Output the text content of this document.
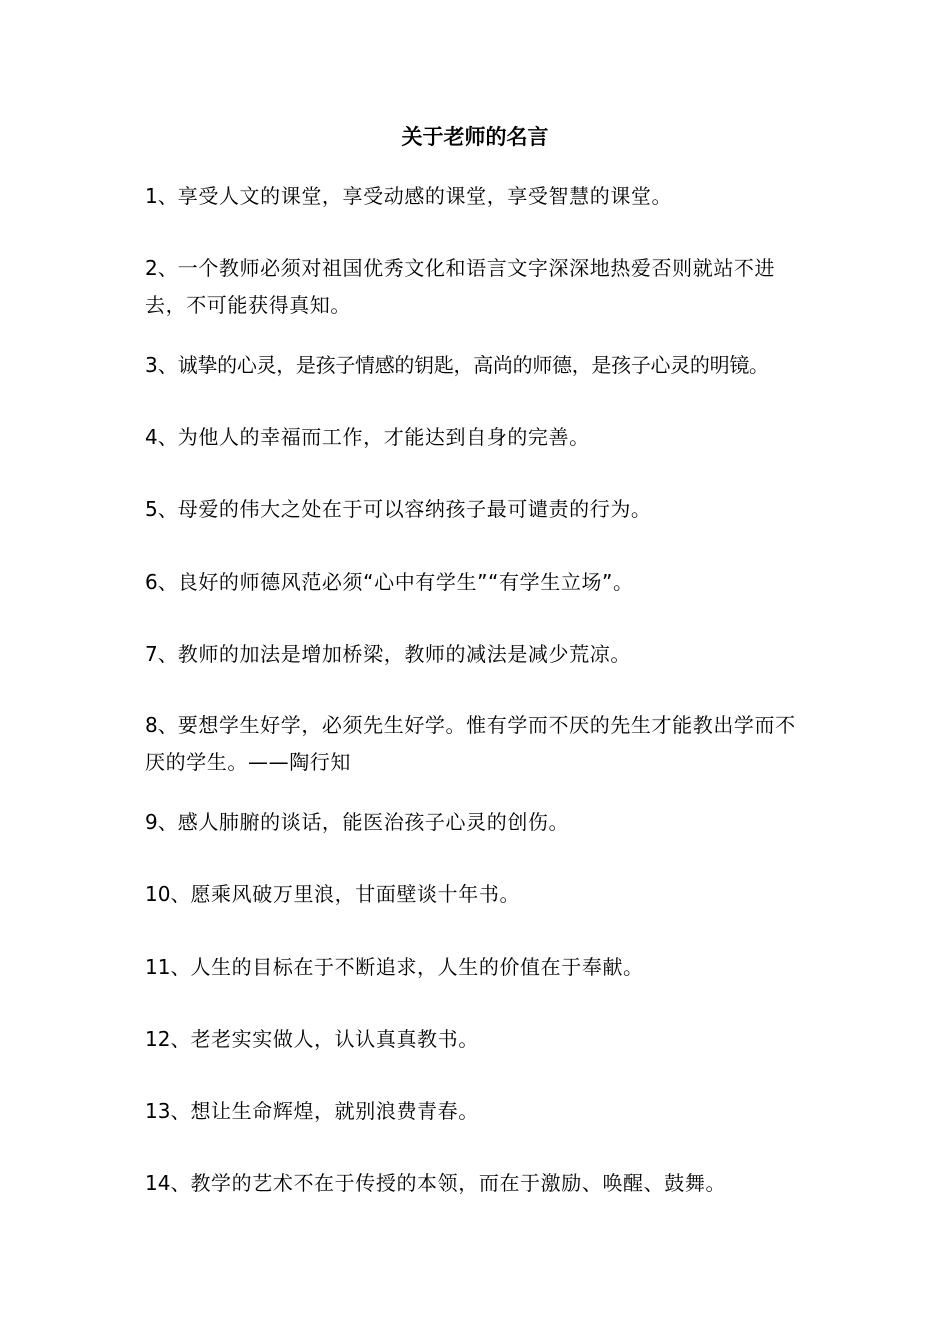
关于老师的名言
1、享受人文的课堂，享受动感的课堂，享受智慧的课堂。
2、一个教师必须对祖国优秀文化和语言文字深深地热爱否则就站不进去，不可能获得真知。
3、诚挚的心灵，是孩子情感的钥匙，高尚的师德，是孩子心灵的明镜。
4、为他人的幸福而工作，才能达到自身的完善。
5、母爱的伟大之处在于可以容纳孩子最可谴责的行为。
6、良好的师德风范必须“心中有学生”“有学生立场”。
7、教师的加法是增加桥梁，教师的减法是减少荒凉。
8、要想学生好学，必须先生好学。惟有学而不厌的先生才能教出学而不厌的学生。——陶行知
9、感人肺腑的谈话，能医治孩子心灵的创伤。
10、愿乘风破万里浪，甘面壁谈十年书。
11、人生的目标在于不断追求，人生的价值在于奉献。
12、老老实实做人，认认真真教书。
13、想让生命辉煌，就别浪费青春。
14、教学的艺术不在于传授的本领，而在于激励、唤醒、鼓舞。
